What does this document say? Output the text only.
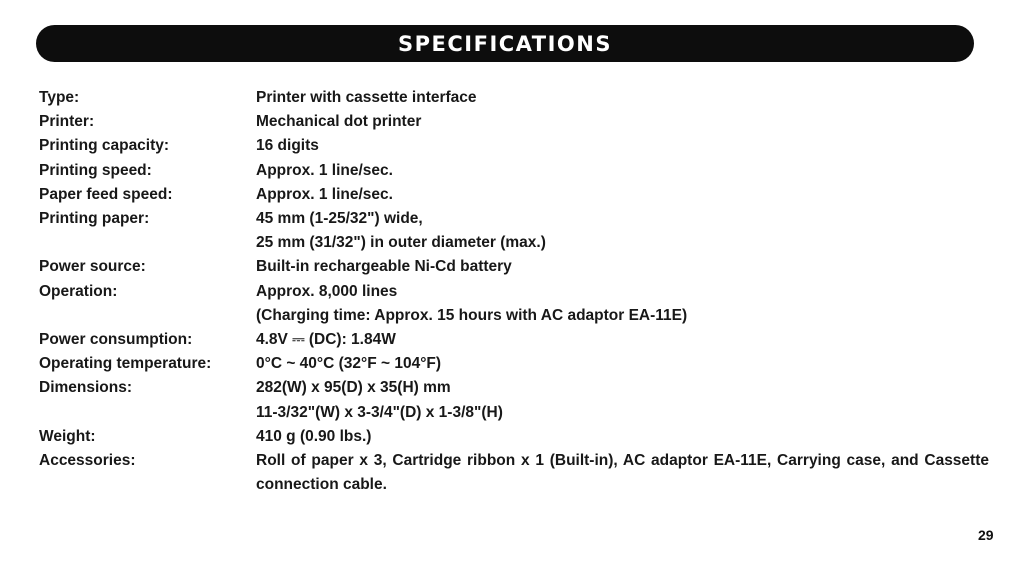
SPECIFICATIONS
Type:	Printer with cassette interface
Printer:	Mechanical dot printer
Printing capacity:	16 digits
Printing speed:	Approx. 1 line/sec.
Paper feed speed:	Approx. 1 line/sec.
Printing paper:	45 mm (1-25/32") wide,
25 mm (31/32") in outer diameter (max.)
Power source:	Built-in rechargeable Ni-Cd battery
Operation:	Approx. 8,000 lines
(Charging time: Approx. 15 hours with AC adaptor EA-11E)
Power consumption:	4.8V ⎓ (DC): 1.84W
Operating temperature:	0°C ~ 40°C (32°F ~ 104°F)
Dimensions:	282(W) x 95(D) x 35(H) mm
11-3/32"(W) x 3-3/4"(D) x 1-3/8"(H)
Weight:	410 g (0.90 lbs.)
Accessories:	Roll of paper x 3, Cartridge ribbon x 1 (Built-in), AC adaptor EA-11E, Carrying case, and Cassette connection cable.
29
